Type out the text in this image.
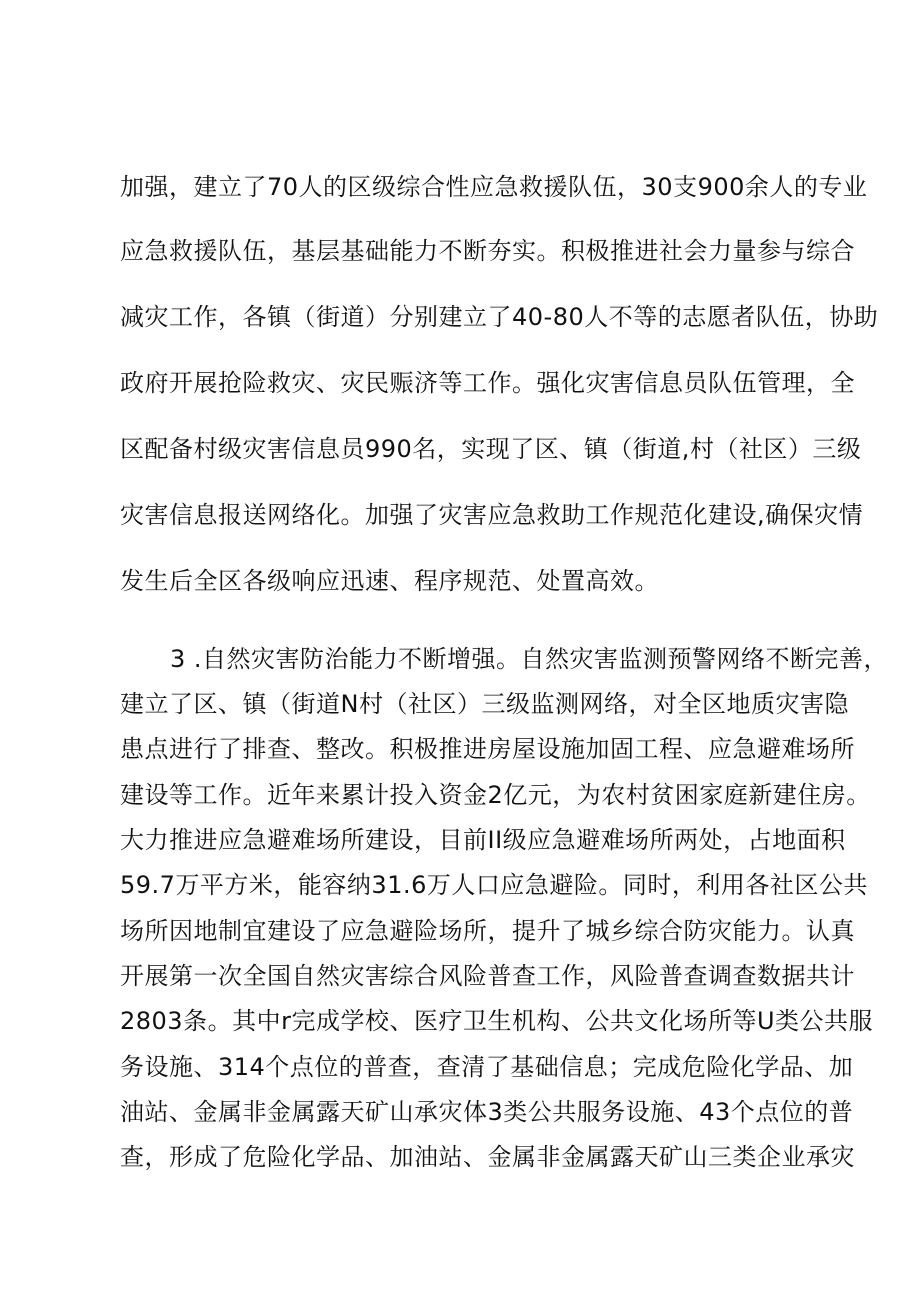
加强，建立了70人的区级综合性应急救援队伍，30支900余人的专业
应急救援队伍，基层基础能力不断夯实。积极推进社会力量参与综合
减灾工作，各镇（街道）分别建立了40-80人不等的志愿者队伍，协助
政府开展抢险救灾、灾民赈济等工作。强化灾害信息员队伍管理，全
区配备村级灾害信息员990名，实现了区、镇（街道,村（社区）三级
灾害信息报送网络化。加强了灾害应急救助工作规范化建设,确保灾情
发生后全区各级响应迅速、程序规范、处置高效。
3 .自然灾害防治能力不断增强。自然灾害监测预警网络不断完善，
建立了区、镇（街道N村（社区）三级监测网络，对全区地质灾害隐
患点进行了排查、整改。积极推进房屋设施加固工程、应急避难场所
建设等工作。近年来累计投入资金2亿元，为农村贫困家庭新建住房。
大力推进应急避难场所建设，目前II级应急避难场所两处，占地面积
59.7万平方米，能容纳31.6万人口应急避险。同时，利用各社区公共
场所因地制宜建设了应急避险场所，提升了城乡综合防灾能力。认真
开展第一次全国自然灾害综合风险普查工作，风险普查调查数据共计
2803条。其中r完成学校、医疗卫生机构、公共文化场所等U类公共服
务设施、314个点位的普查，查清了基础信息；完成危险化学品、加
油站、金属非金属露天矿山承灾体3类公共服务设施、43个点位的普
查，形成了危险化学品、加油站、金属非金属露天矿山三类企业承灾
